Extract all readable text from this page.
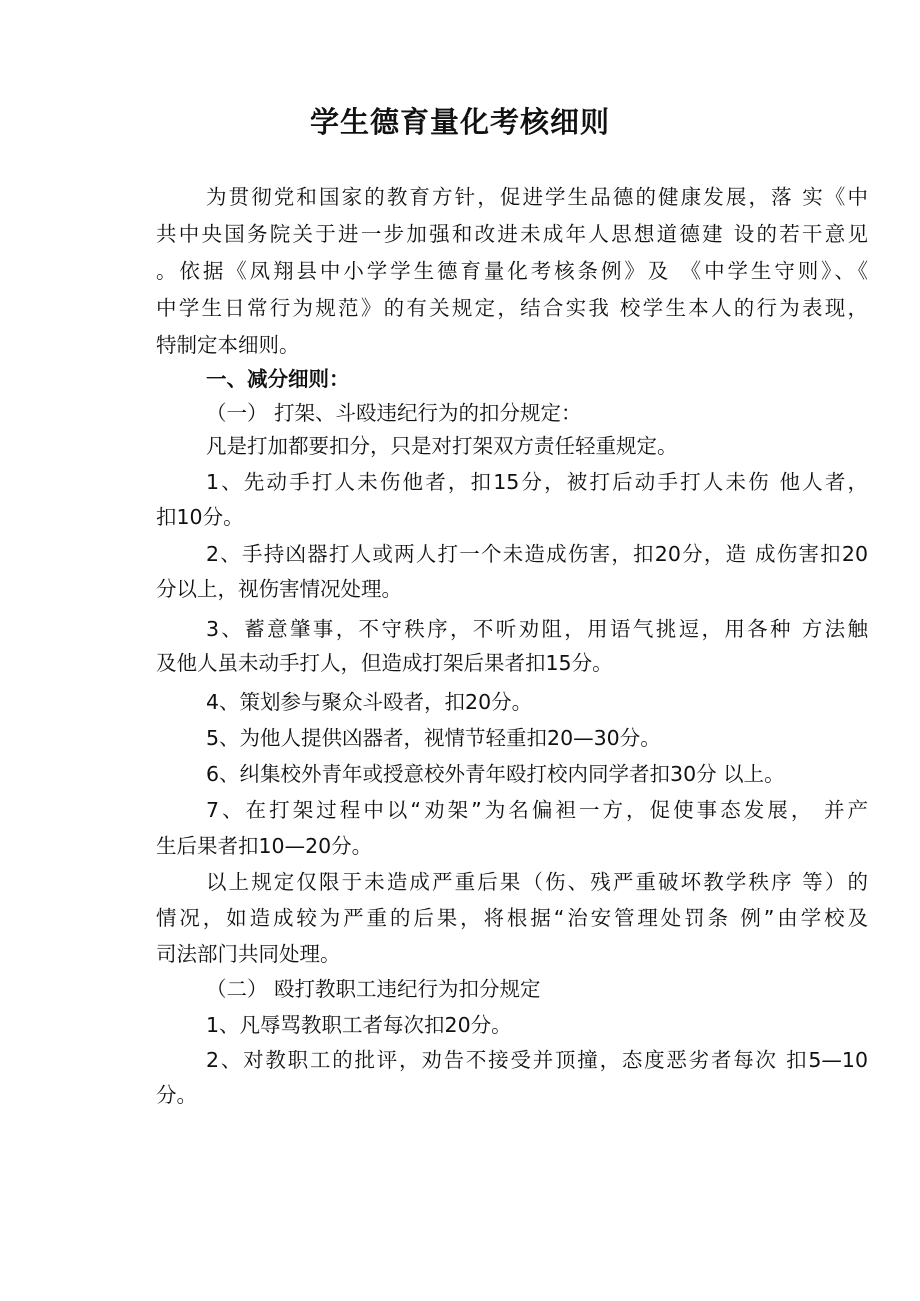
学生德育量化考核细则
为贯彻党和国家的教育方针，促进学生品德的健康发展，落 实《中
共中央国务院关于进一步加强和改进未成年人思想道德建 设的若干意见
。依据《凤翔县中小学学生德育量化考核条例》及 《中学生守则》、《
中学生日常行为规范》的有关规定，结合实我 校学生本人的行为表现，
特制定本细则。
一、减分细则：
（一） 打架、斗殴违纪行为的扣分规定：
凡是打加都要扣分，只是对打架双方责任轻重规定。
1、先动手打人未伤他者，扣15分，被打后动手打人未伤 他人者，
扣10分。
2、手持凶器打人或两人打一个未造成伤害，扣20分，造 成伤害扣20
分以上，视伤害情况处理。
3、蓄意肇事，不守秩序，不听劝阻，用语气挑逗，用各种 方法触
及他人虽未动手打人，但造成打架后果者扣15分。
4、策划参与聚众斗殴者，扣20分。
5、为他人提供凶器者，视情节轻重扣20—30分。
6、纠集校外青年或授意校外青年殴打校内同学者扣30分 以上。
7、在打架过程中以“劝架”为名偏袒一方，促使事态发展， 并产
生后果者扣10—20分。
以上规定仅限于未造成严重后果（伤、残严重破坏教学秩序 等）的
情况，如造成较为严重的后果，将根据“治安管理处罚条 例”由学校及
司法部门共同处理。
（二） 殴打教职工违纪行为扣分规定
1、凡辱骂教职工者每次扣20分。
2、对教职工的批评，劝告不接受并顶撞，态度恶劣者每次 扣5—10
分。
